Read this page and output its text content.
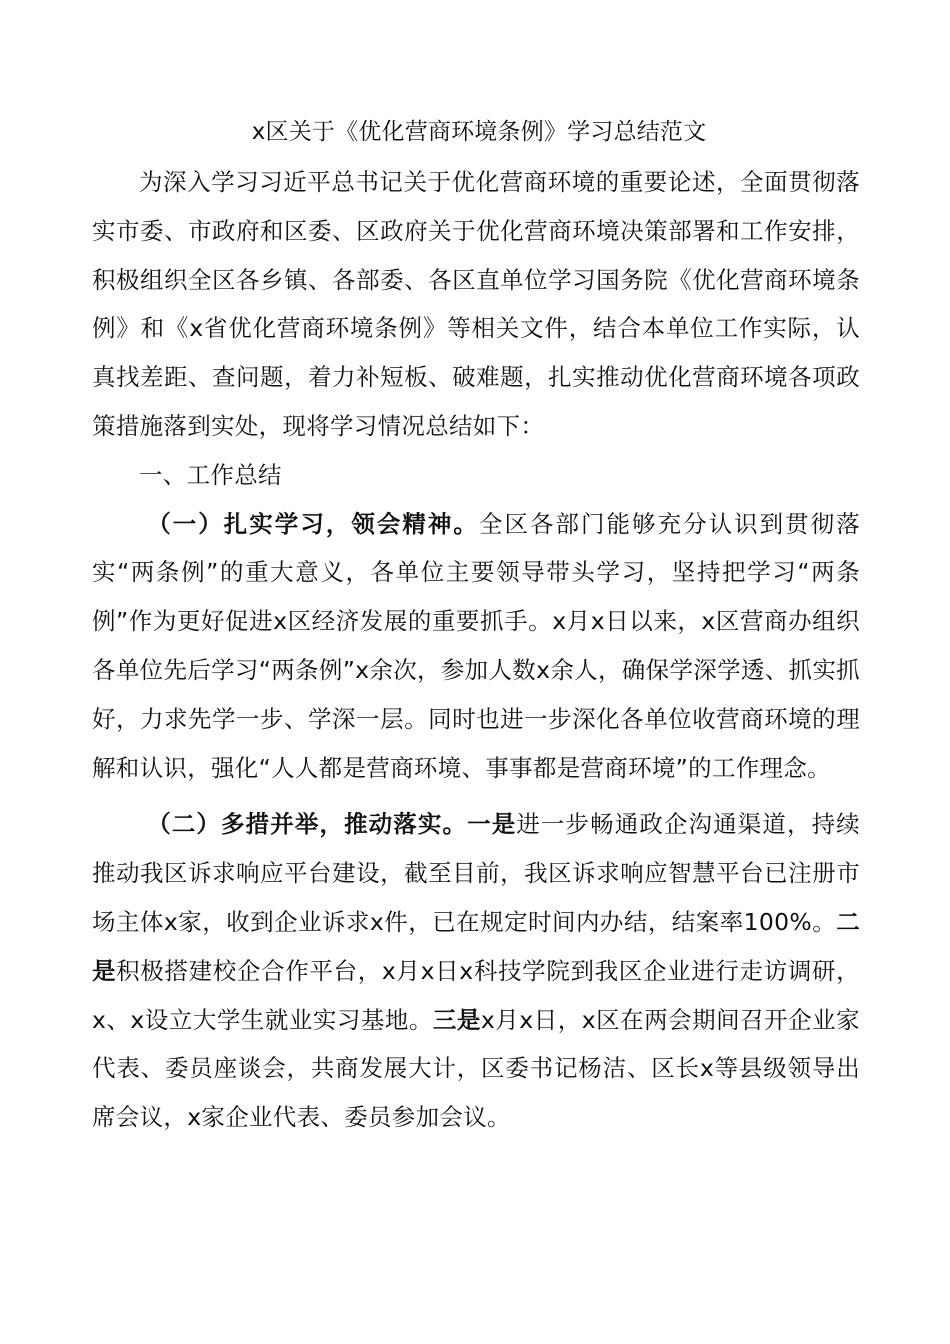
x区关于《优化营商环境条例》学习总结范文

为深入学习习近平总书记关于优化营商环境的重要论述，全面贯彻落实市委、市政府和区委、区政府关于优化营商环境决策部署和工作安排，积极组织全区各乡镇、各部委、各区直单位学习国务院《优化营商环境条例》和《x省优化营商环境条例》等相关文件，结合本单位工作实际，认真找差距、查问题，着力补短板、破难题，扎实推动优化营商环境各项政策措施落到实处，现将学习情况总结如下：

一、工作总结

（一）扎实学习，领会精神。全区各部门能够充分认识到贯彻落实“两条例”的重大意义，各单位主要领导带头学习，坚持把学习“两条例”作为更好促进x区经济发展的重要抓手。x月x日以来，x区营商办组织各单位先后学习“两条例”x余次，参加人数x余人，确保学深学透、抓实抓好，力求先学一步、学深一层。同时也进一步深化各单位收营商环境的理解和认识，强化“人人都是营商环境、事事都是营商环境”的工作理念。

（二）多措并举，推动落实。一是进一步畅通政企沟通渠道，持续推动我区诉求响应平台建设，截至目前，我区诉求响应智慧平台已注册市场主体x家，收到企业诉求x件，已在规定时间内办结，结案率100%。二是积极搭建校企合作平台，x月x日x科技学院到我区企业进行走访调研，x、x设立大学生就业实习基地。三是x月x日，x区在两会期间召开企业家代表、委员座谈会，共商发展大计，区委书记杨洁、区长x等县级领导出席会议，x家企业代表、委员参加会议。
